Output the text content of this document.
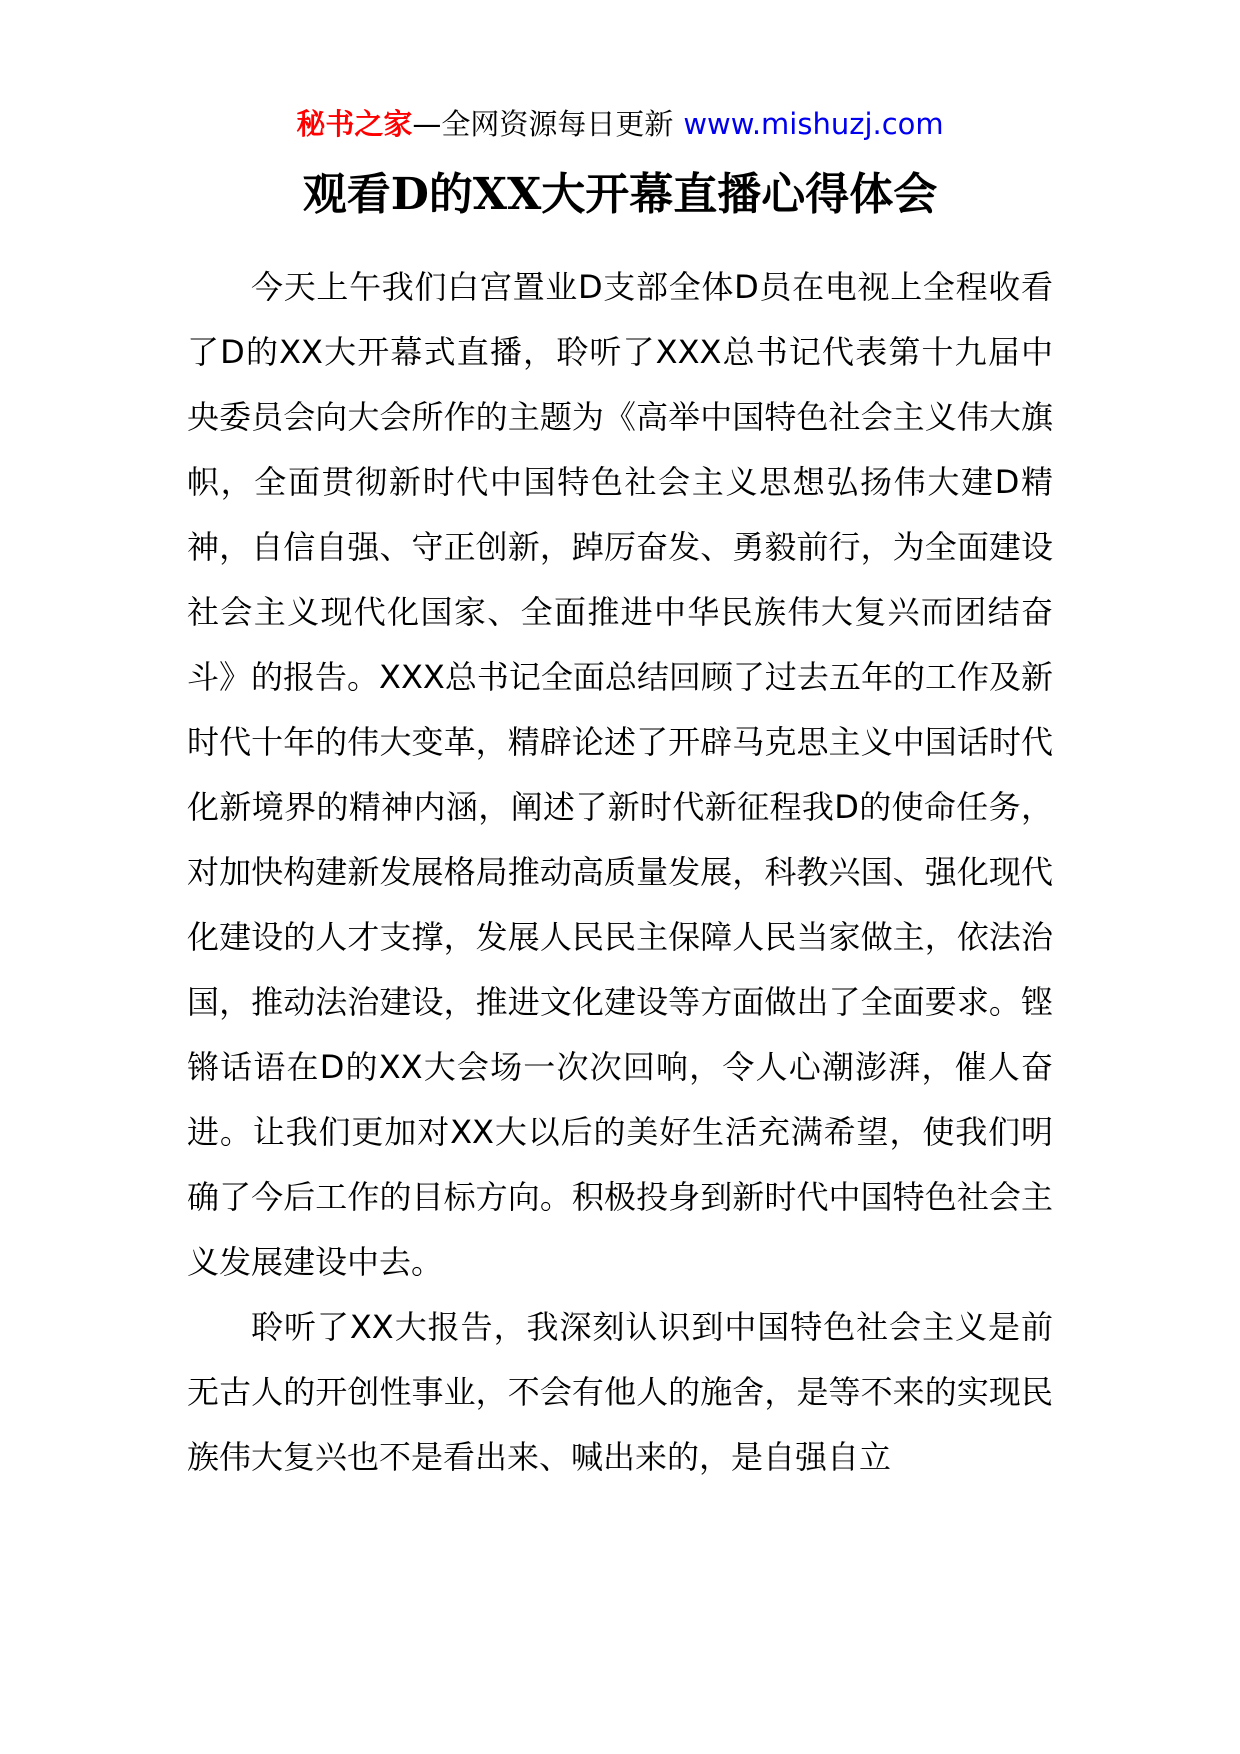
秘书之家—全网资源每日更新 www.mishuzj.com
观看D的XX大开幕直播心得体会

今天上午我们白宫置业D支部全体D员在电视上全程收看了D的XX大开幕式直播，聆听了XXX总书记代表第十九届中央委员会向大会所作的主题为《高举中国特色社会主义伟大旗帜，全面贯彻新时代中国特色社会主义思想弘扬伟大建D精神，自信自强、守正创新，踔厉奋发、勇毅前行，为全面建设社会主义现代化国家、全面推进中华民族伟大复兴而团结奋斗》的报告。XXX总书记全面总结回顾了过去五年的工作及新时代十年的伟大变革，精辟论述了开辟马克思主义中国话时代化新境界的精神内涵，阐述了新时代新征程我D的使命任务，对加快构建新发展格局推动高质量发展，科教兴国、强化现代化建设的人才支撑，发展人民民主保障人民当家做主，依法治国，推动法治建设，推进文化建设等方面做出了全面要求。铿锵话语在D的XX大会场一次次回响，令人心潮澎湃，催人奋进。让我们更加对XX大以后的美好生活充满希望，使我们明确了今后工作的目标方向。积极投身到新时代中国特色社会主义发展建设中去。

聆听了XX大报告，我深刻认识到中国特色社会主义是前无古人的开创性事业，不会有他人的施舍，是等不来的实现民族伟大复兴也不是看出来、喊出来的，是自强自立
